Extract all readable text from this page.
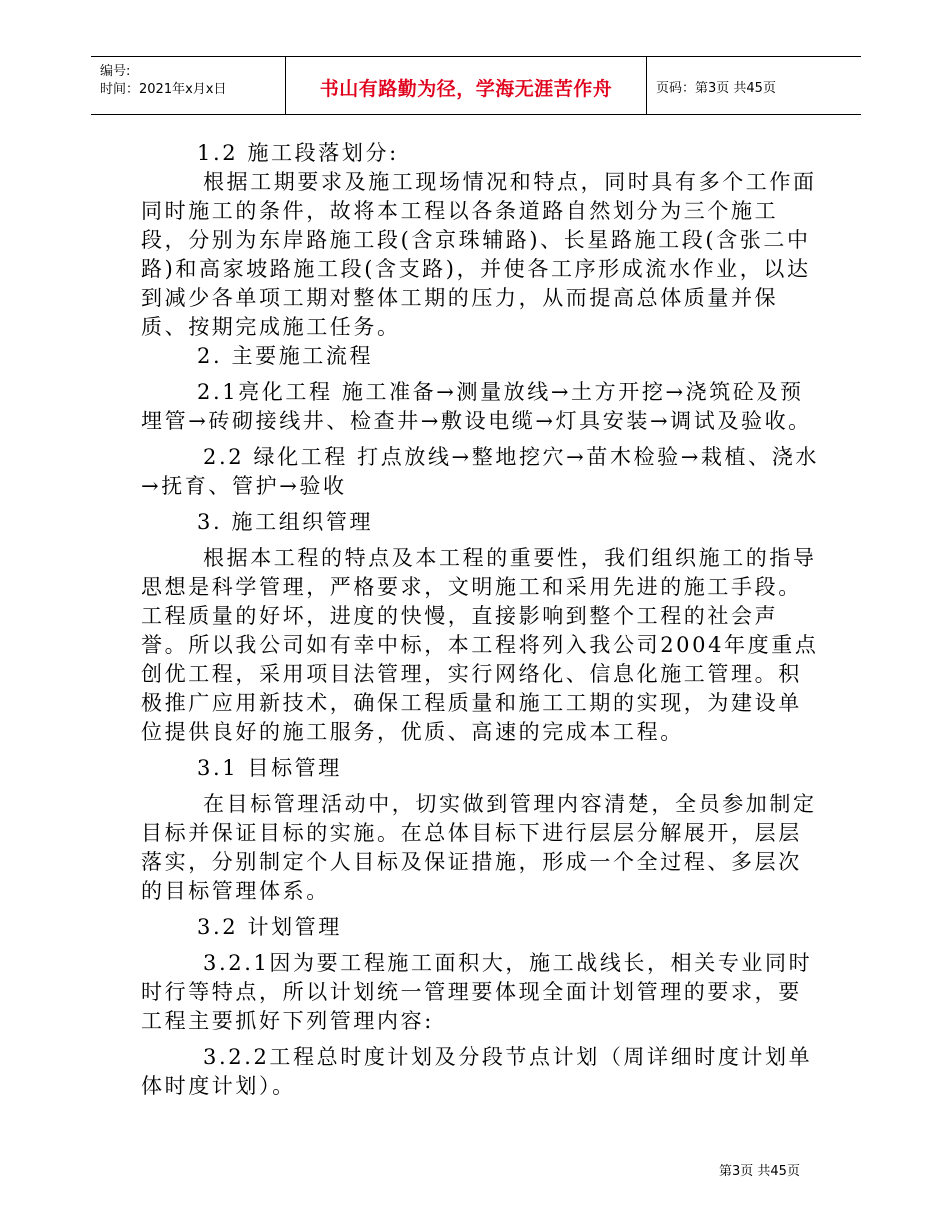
编号:
时间：2021年x月x日	书山有路勤为径，学海无涯苦作舟	页码：第3页 共45页

1.2 施工段落划分:

根据工期要求及施工现场情况和特点，同时具有多个工作面同时施工的条件，故将本工程以各条道路自然划分为三个施工段，分别为东岸路施工段(含京珠辅路)、长星路施工段(含张二中路)和高家坡路施工段(含支路)，并使各工序形成流水作业，以达到减少各单项工期对整体工期的压力，从而提高总体质量并保质、按期完成施工任务。

2. 主要施工流程

2.1亮化工程 施工准备→测量放线→土方开挖→浇筑砼及预埋管→砖砌接线井、检查井→敷设电缆→灯具安装→调试及验收。

2.2 绿化工程 打点放线→整地挖穴→苗木检验→栽植、浇水→抚育、管护→验收

3. 施工组织管理

根据本工程的特点及本工程的重要性，我们组织施工的指导思想是科学管理，严格要求，文明施工和采用先进的施工手段。工程质量的好坏，进度的快慢，直接影响到整个工程的社会声誉。所以我公司如有幸中标，本工程将列入我公司2004年度重点创优工程，采用项目法管理，实行网络化、信息化施工管理。积极推广应用新技术，确保工程质量和施工工期的实现，为建设单位提供良好的施工服务，优质、高速的完成本工程。

3.1 目标管理

在目标管理活动中，切实做到管理内容清楚，全员参加制定目标并保证目标的实施。在总体目标下进行层层分解展开，层层落实，分别制定个人目标及保证措施，形成一个全过程、多层次的目标管理体系。

3.2 计划管理

3.2.1因为要工程施工面积大，施工战线长，相关专业同时时行等特点，所以计划统一管理要体现全面计划管理的要求，要工程主要抓好下列管理内容:

3.2.2工程总时度计划及分段节点计划（周详细时度计划单体时度计划）。

第3页 共45页
